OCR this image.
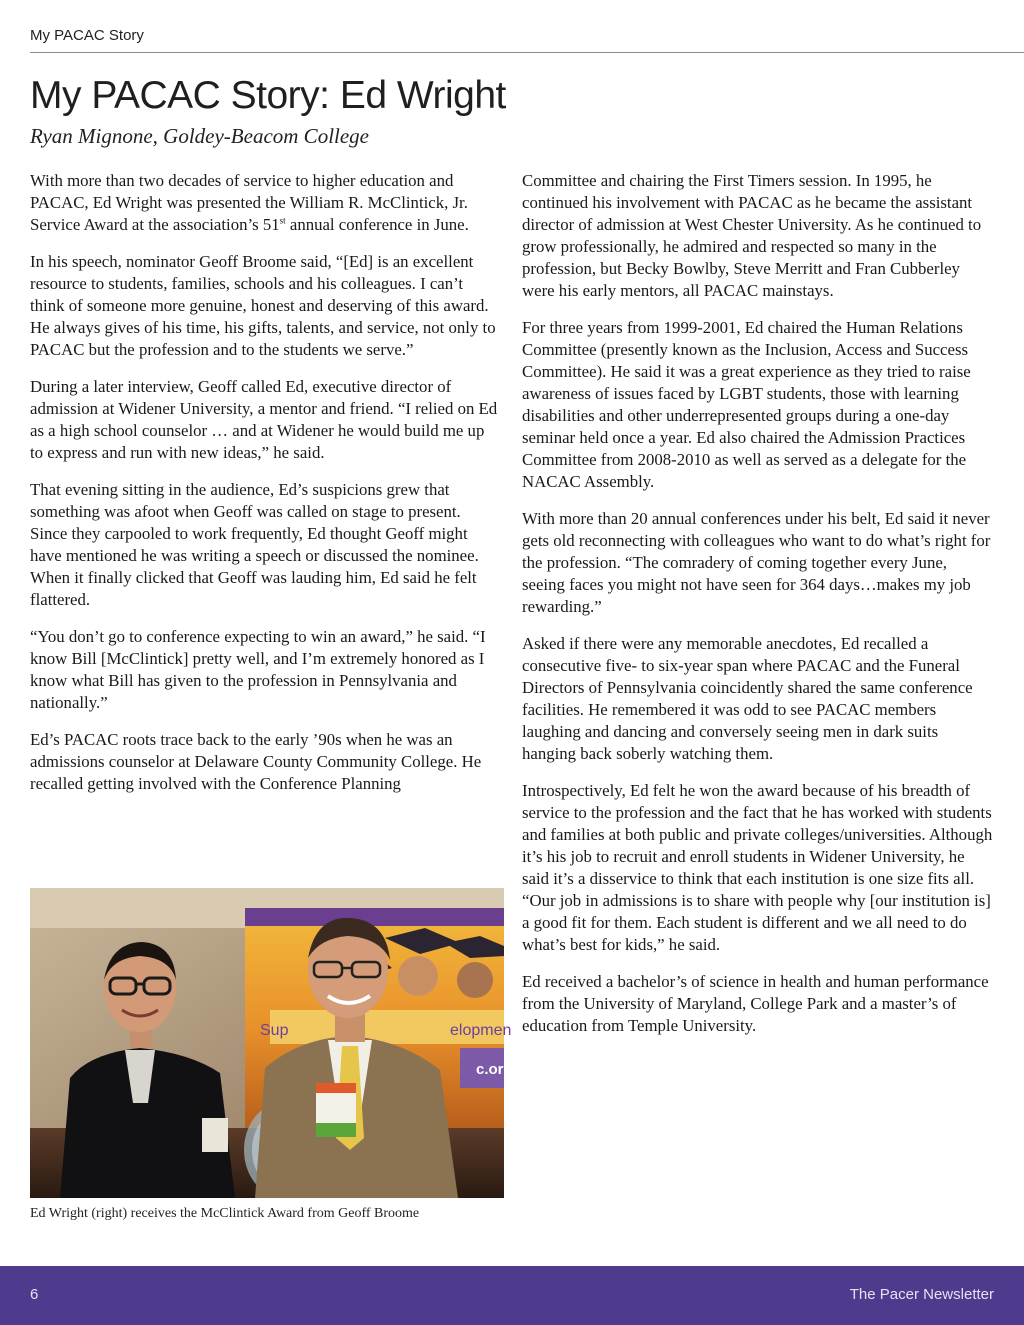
My PACAC Story
My PACAC Story: Ed Wright
Ryan Mignone, Goldey-Beacom College

With more than two decades of service to higher education and PACAC, Ed Wright was presented the William R. McClintick, Jr. Service Award at the association’s 51st annual conference in June.

In his speech, nominator Geoff Broome said, “[Ed] is an excellent resource to students, families, schools and his colleagues. I can’t think of someone more genuine, honest and deserving of this award. He always gives of his time, his gifts, talents, and service, not only to PACAC but the profession and to the students we serve.”

During a later interview, Geoff called Ed, executive director of admission at Widener University, a mentor and friend. “I relied on Ed as a high school counselor … and at Widener he would build me up to express and run with new ideas,” he said.

That evening sitting in the audience, Ed’s suspicions grew that something was afoot when Geoff was called on stage to present. Since they carpooled to work frequently, Ed thought Geoff might have mentioned he was writing a speech or discussed the nominee. When it finally clicked that Geoff was lauding him, Ed said he felt flattered.

“You don’t go to conference expecting to win an award,” he said. “I know Bill [McClintick] pretty well, and I’m extremely honored as I know what Bill has given to the profession in Pennsylvania and nationally.”

Ed’s PACAC roots trace back to the early ’90s when he was an admissions counselor at Delaware County Community College. He recalled getting involved with the Conference Planning

Committee and chairing the First Timers session. In 1995, he continued his involvement with PACAC as he became the assistant director of admission at West Chester University. As he continued to grow professionally, he admired and respected so many in the profession, but Becky Bowlby, Steve Merritt and Fran Cubberley were his early mentors, all PACAC mainstays.

For three years from 1999-2001, Ed chaired the Human Relations Committee (presently known as the Inclusion, Access and Success Committee). He said it was a great experience as they tried to raise awareness of issues faced by LGBT students, those with learning disabilities and other underrepresented groups during a one-day seminar held once a year. Ed also chaired the Admission Practices Committee from 2008-2010 as well as served as a delegate for the NACAC Assembly.

With more than 20 annual conferences under his belt, Ed said it never gets old reconnecting with colleagues who want to do what’s right for the profession. “The comradery of coming together every June, seeing faces you might not have seen for 364 days…makes my job rewarding.”

Asked if there were any memorable anecdotes, Ed recalled a consecutive five- to six-year span where PACAC and the Funeral Directors of Pennsylvania coincidently shared the same conference facilities. He remembered it was odd to see PACAC members laughing and dancing and conversely seeing men in dark suits hanging back soberly watching them.

Introspectively, Ed felt he won the award because of his breadth of service to the profession and the fact that he has worked with students and families at both public and private colleges/universities. Although it’s his job to recruit and enroll students in Widener University, he said it’s a disservice to think that each institution is one size fits all. “Our job in admissions is to share with people why [our institution is] a good fit for them. Each student is different and we all need to do what’s best for kids,” he said.

Ed received a bachelor’s of science in health and human performance from the University of Maryland, College Park and a master’s of education from Temple University.

Sup	elopmen
c.or
Ed Wright (right) receives the McClintick Award from Geoff Broome
6	The Pacer Newsletter
